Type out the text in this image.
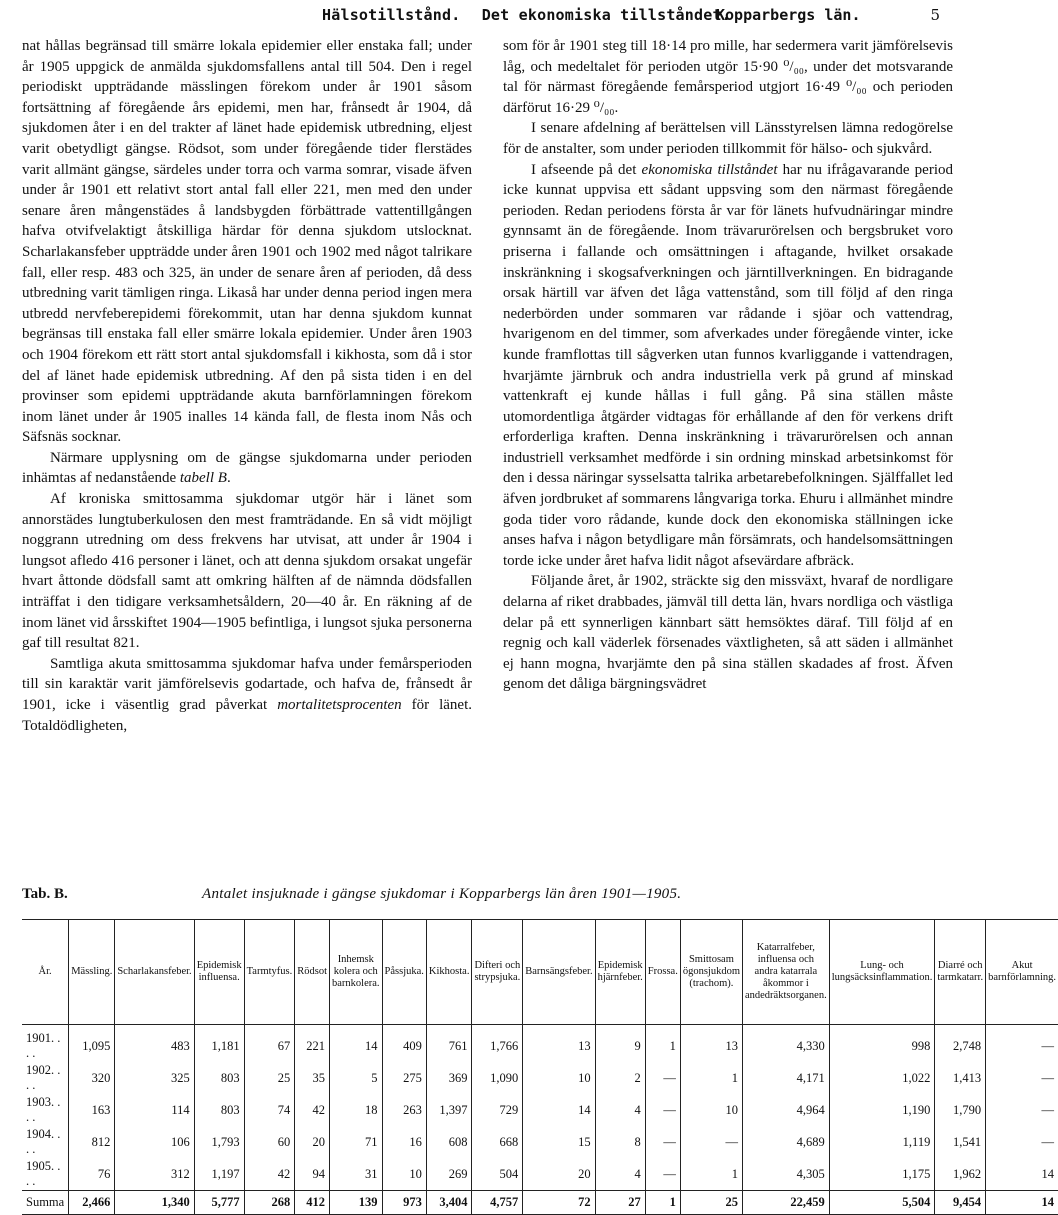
Hälsotillstånd. Det ekonomiska tillståndet.
Kopparbergs län.	5

nat hållas begränsad till smärre lokala epidemier eller enstaka fall; under år 1905 uppgick de anmälda sjukdomsfallens antal till 504. Den i regel periodiskt uppträdande mässlingen förekom under år 1901 såsom fortsättning af föregående års epidemi, men har, frånsedt år 1904, då sjukdomen åter i en del trakter af länet hade epidemisk utbredning, eljest varit obetydligt gängse. Rödsot, som under föregående tider flerstädes varit allmänt gängse, särdeles under torra och varma somrar, visade äfven under år 1901 ett relativt stort antal fall eller 221, men med den under senare åren mångenstädes å landsbygden förbättrade vattentillgången hafva otvifvelaktigt åtskilliga härdar för denna sjukdom utslocknat. Scharlakansfeber uppträdde under åren 1901 och 1902 med något talrikare fall, eller resp. 483 och 325, än under de senare åren af perioden, då dess utbredning varit tämligen ringa. Likaså har under denna period ingen mera utbredd nervfeberepidemi förekommit, utan har denna sjukdom kunnat begränsas till enstaka fall eller smärre lokala epidemier. Under åren 1903 och 1904 förekom ett rätt stort antal sjukdomsfall i kikhosta, som då i stor del af länet hade epidemisk utbredning. Af den på sista tiden i en del provinser som epidemi uppträdande akuta barnförlamningen förekom inom länet under år 1905 inalles 14 kända fall, de flesta inom Nås och Säfsnäs socknar.

Närmare upplysning om de gängse sjukdomarna under perioden inhämtas af nedanstående tabell B.

Af kroniska smittosamma sjukdomar utgör här i länet som annorstädes lungtuberkulosen den mest framträdande. En så vidt möjligt noggrann utredning om dess frekvens har utvisat, att under år 1904 i lungsot afledo 416 personer i länet, och att denna sjukdom orsakat ungefär hvart åttonde dödsfall samt att omkring hälften af de nämnda dödsfallen inträffat i den tidigare verksamhetsåldern, 20—40 år. En räkning af de inom länet vid årsskiftet 1904—1905 befintliga, i lungsot sjuka personerna gaf till resultat 821.

Samtliga akuta smittosamma sjukdomar hafva under femårsperioden till sin karaktär varit jämförelsevis godartade, och hafva de, frånsedt år 1901, icke i väsentlig grad påverkat mortalitetsprocenten för länet. Totaldödligheten,

som för år 1901 steg till 18·14 pro mille, har sedermera varit jämförelsevis låg, och medeltalet för perioden utgör 15·90 ⁰/₀₀, under det motsvarande tal för närmast föregående femårsperiod utgjort 16·49 ⁰/₀₀ och perioden därförut 16·29 ⁰/₀₀.

I senare afdelning af berättelsen vill Länsstyrelsen lämna redogörelse för de anstalter, som under perioden tillkommit för hälso- och sjukvård.

I afseende på det ekonomiska tillståndet har nu ifrågavarande period icke kunnat uppvisa ett sådant uppsving som den närmast föregående perioden. Redan periodens första år var för länets hufvudnäringar mindre gynnsamt än de föregående. Inom trävarurörelsen och bergsbruket voro priserna i fallande och omsättningen i aftagande, hvilket orsakade inskränkning i skogsafverkningen och järntillverkningen. En bidragande orsak härtill var äfven det låga vattenstånd, som till följd af den ringa nederbörden under sommaren var rådande i sjöar och vattendrag, hvarigenom en del timmer, som afverkades under föregående vinter, icke kunde framflottas till sågverken utan funnos kvarliggande i vattendragen, hvarjämte järnbruk och andra industriella verk på grund af minskad vattenkraft ej kunde hållas i full gång. På sina ställen måste utomordentliga åtgärder vidtagas för erhållande af den för verkens drift erforderliga kraften. Denna inskränkning i trävarurörelsen och annan industriell verksamhet medförde i sin ordning minskad arbetsinkomst för den i dessa näringar sysselsatta talrika arbetarebefolkningen. Själffallet led äfven jordbruket af sommarens långvariga torka. Ehuru i allmänhet mindre goda tider voro rådande, kunde dock den ekonomiska ställningen icke anses hafva i någon betydligare mån försämrats, och handelsomsättningen torde icke under året hafva lidit något afsevärdare afbräck.

Följande året, år 1902, sträckte sig den missväxt, hvaraf de nordligare delarna af riket drabbades, jämväl till detta län, hvars nordliga och västliga delar på ett synnerligen kännbart sätt hemsöktes däraf. Till följd af en regnig och kall väderlek försenades växtligheten, så att säden i allmänhet ej hann mogna, hvarjämte den på sina ställen skadades af frost. Äfven genom det dåliga bärgningsvädret

Tab. B.	Antalet insjuknade i gängse sjukdomar i Kopparbergs län åren 1901—1905.
År.	Mässling.	Scharlakansfeber.	Epidemisk influensa.	Tarmtyfus.	Rödsot	Inhemsk kolera och barnkolera.	Påssjuka.	Kikhosta.	Difteri och strypsjuka.	Barnsängsfeber.	Epidemisk hjärnfeber.	Frossa.	Smittosam ögonsjukdom (trachom).	Katarralfeber, influensa och andra katarrala åkommor i andedräktsorganen.	Lung- och lungsäcksinflammation.	Diarré och tarmkatarr.	Akut barnförlamning.
1901. . . .	1,095	483	1,181	67	221	14	409	761	1,766	13	9	1	13	4,330	998	2,748	—
1902. . . .	320	325	803	25	35	5	275	369	1,090	10	2	—	1	4,171	1,022	1,413	—
1903. . . .	163	114	803	74	42	18	263	1,397	729	14	4	—	10	4,964	1,190	1,790	—
1904. . . .	812	106	1,793	60	20	71	16	608	668	15	8	—	—	4,689	1,119	1,541	—
1905. . . .	76	312	1,197	42	94	31	10	269	504	20	4	—	1	4,305	1,175	1,962	14
Summa	2,466	1,340	5,777	268	412	139	973	3,404	4,757	72	27	1	25	22,459	5,504	9,454	14
